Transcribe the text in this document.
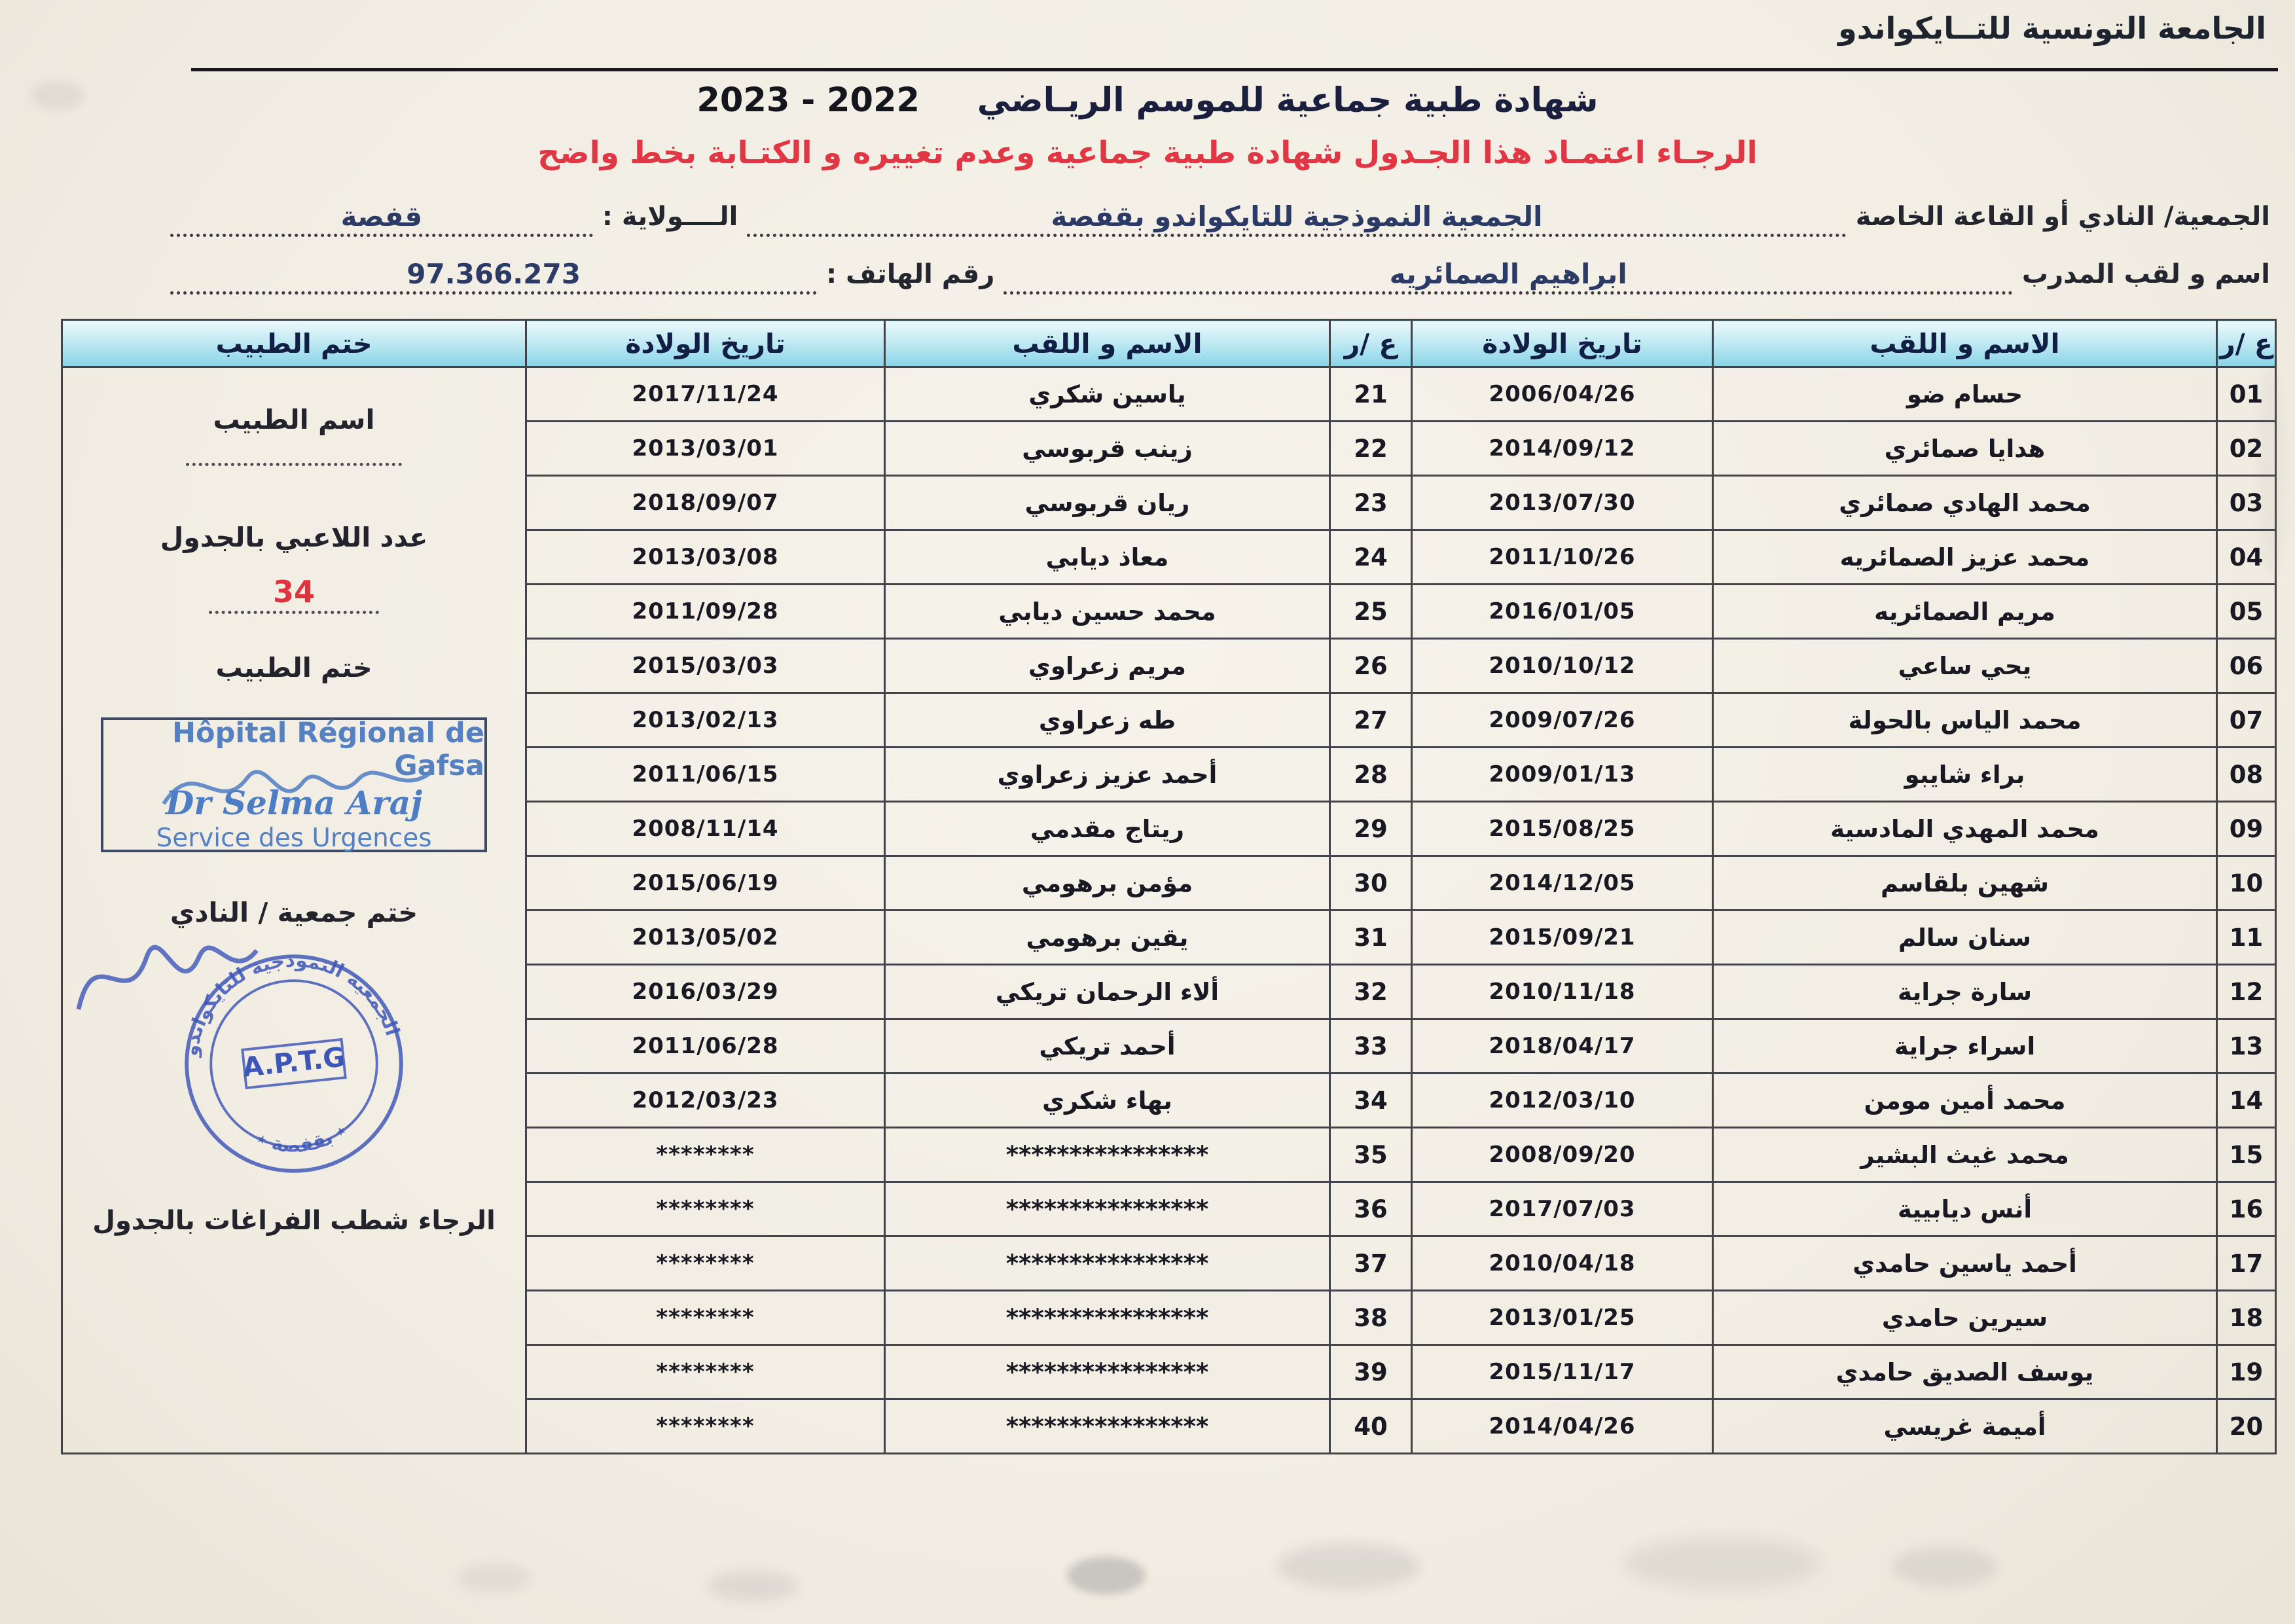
الجامعة التونسية للتــايكواندو
شهادة طبية جماعية للموسم الريـاضي 2022 - 2023
الرجـاء اعتمـاد هذا الجـدول شهادة طبية جماعية وعدم تغييره و الكتـابة بخط واضح
الجمعية/ النادي أو القاعة الخاصة
الجمعية النموذجية للتايكواندو بقفصة
الــــولاية :
قفصة
اسم و لقب المدرب
ابراهيم الصمائريه
رقم الهاتف :
97.366.273
ع /ر	الاسم و اللقب	تاريخ الولادة	ع /ر	الاسم و اللقب	تاريخ الولادة
01	حسام ضو	2006/04/26	21	ياسين شكري	2017/11/24
02	هدايا صمائري	2014/09/12	22	زينب قربوسي	2013/03/01
03	محمد الهادي صمائري	2013/07/30	23	ريان قربوسي	2018/09/07
04	محمد عزيز الصمائريه	2011/10/26	24	معاذ ديابي	2013/03/08
05	مريم الصمائريه	2016/01/05	25	محمد حسين ديابي	2011/09/28
06	يحي ساعي	2010/10/12	26	مريم زعراوي	2015/03/03
07	محمد الياس بالحولة	2009/07/26	27	طه زعراوي	2013/02/13
08	براء شايبو	2009/01/13	28	أحمد عزيز زعراوي	2011/06/15
09	محمد المهدي المادسية	2015/08/25	29	ريتاج مقدمي	2008/11/14
10	شهين بلقاسم	2014/12/05	30	مؤمن برهومي	2015/06/19
11	سنان سالم	2015/09/21	31	يقين برهومي	2013/05/02
12	سارة جراية	2010/11/18	32	ألاء الرحمان تريكي	2016/03/29
13	اسراء جراية	2018/04/17	33	أحمد تريكي	2011/06/28
14	محمد أمين مومن	2012/03/10	34	بهاء شكري	2012/03/23
15	محمد غيث البشير	2008/09/20	35	****************	********
16	أنس ديابيية	2017/07/03	36	****************	********
17	أحمد ياسين حامدي	2010/04/18	37	****************	********
18	سيرين حامدي	2013/01/25	38	****************	********
19	يوسف الصديق حامدي	2015/11/17	39	****************	********
20	أميمة غريسي	2014/04/26	40	****************	********
ختم الطبيب
اسم الطبيب
عدد اللاعبي بالجدول
34
ختم الطبيب
Hôpital Régional de Gafsa
Dr Selma Araj
Service des Urgences
ختم جمعية / النادي
الجمعية النموذجية للتايكواندو
٭ بقفصة ٭
A.P.T.G
الرجاء شطب الفراغات بالجدول
